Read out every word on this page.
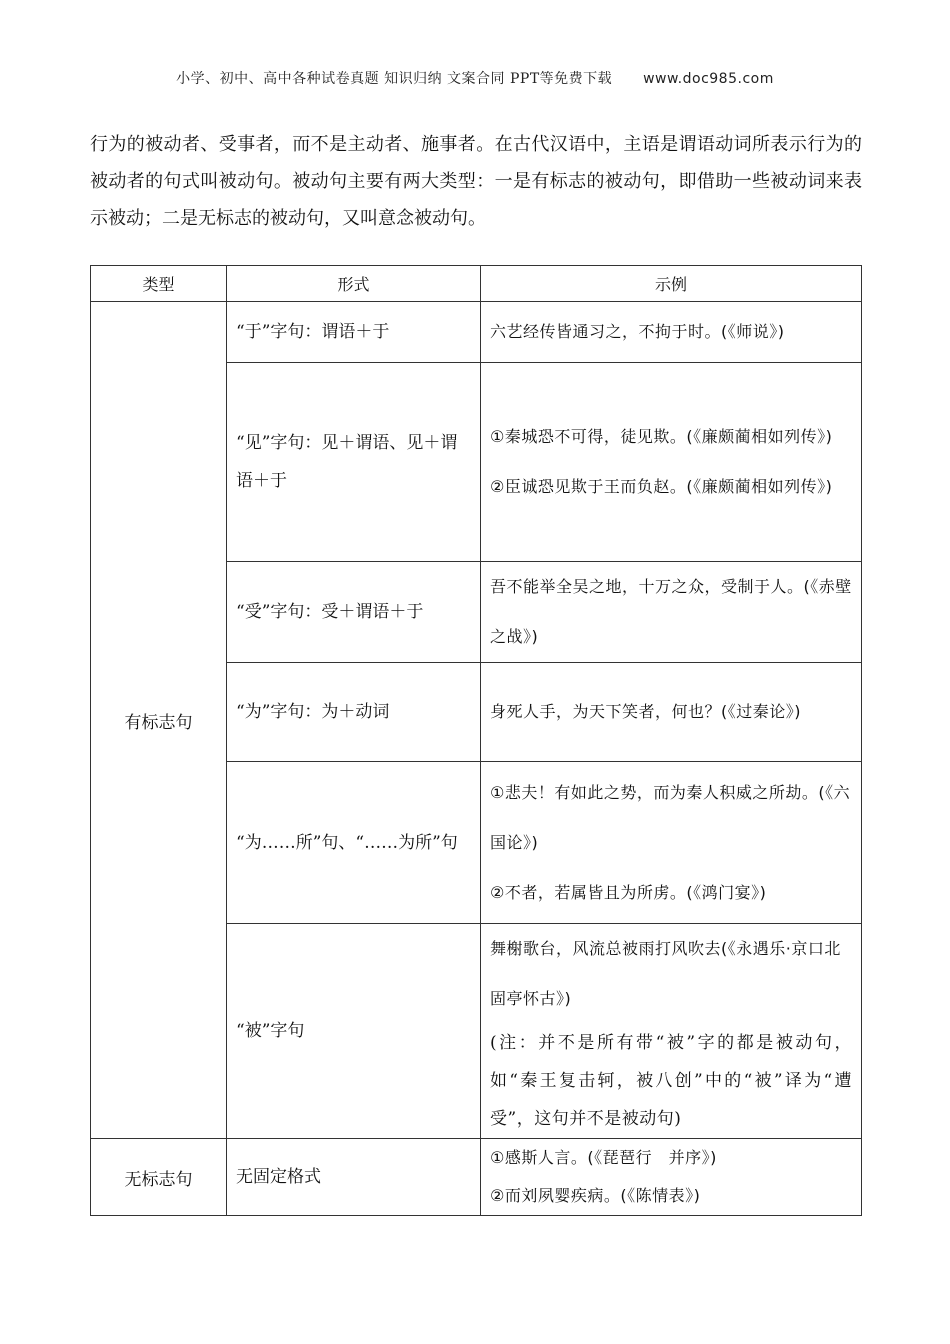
小学、初中、高中各种试卷真题 知识归纳 文案合同 PPT等免费下载 www.doc985.com
行为的被动者、受事者，而不是主动者、施事者。在古代汉语中，主语是谓语动词所表示行为的被动者的句式叫被动句。被动句主要有两大类型：一是有标志的被动句，即借助一些被动词来表示被动；二是无标志的被动句，又叫意念被动句。
类型	形式	示例
有标志句	“于”字句：谓语＋于	六艺经传皆通习之，不拘于时。(《师说》)

	“见”字句：见＋谓语、见＋谓语＋于	①秦城恐不可得，徒见欺。(《廉颇蔺相如列传》)
②臣诚恐见欺于王而负赵。(《廉颇蔺相如列传》)

	“受”字句：受＋谓语＋于	吾不能举全吴之地，十万之众，受制于人。(《赤壁之战》)

	“为”字句：为＋动词	身死人手，为天下笑者，何也？(《过秦论》)

	“为……所”句、“……为所”句	①悲夫！有如此之势，而为秦人积威之所劫。(《六国论》)
②不者，若属皆且为所虏。(《鸿门宴》)

	“被”字句	舞榭歌台，风流总被雨打风吹去(《永遇乐·京口北固亭怀古》)
(注：并不是所有带“被”字的都是被动句，如“秦王复击轲，被八创”中的“被”译为“遭受”，这句并不是被动句)

无标志句	无固定格式	①感斯人言。(《琵琶行　并序》)
②而刘夙婴疾病。(《陈情表》)
